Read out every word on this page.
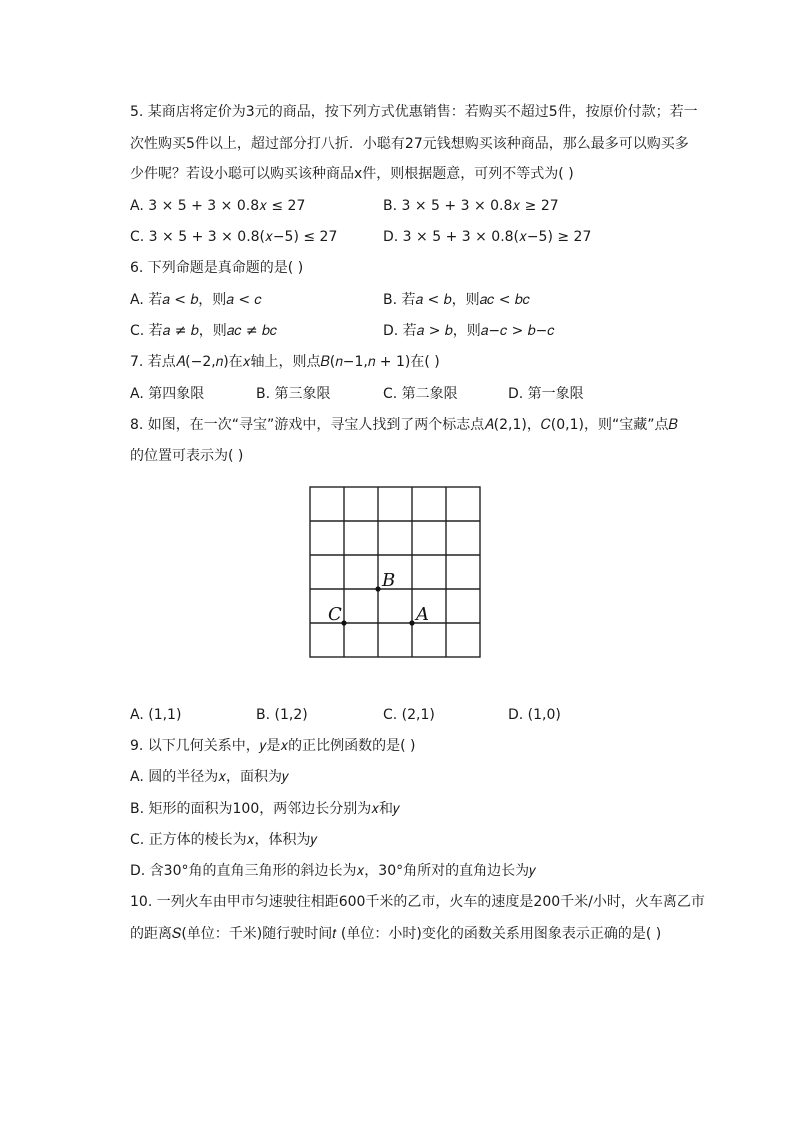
5. 某商店将定价为3元的商品，按下列方式优惠销售：若购买不超过5件，按原价付款；若一
次性购买5件以上，超过部分打八折．小聪有27元钱想购买该种商品，那么最多可以购买多
少件呢？若设小聪可以购买该种商品x件，则根据题意，可列不等式为( )
A. 3 × 5 + 3 × 0.8𝑥 ≤ 27	B. 3 × 5 + 3 × 0.8𝑥 ≥ 27
C. 3 × 5 + 3 × 0.8(𝑥−5) ≤ 27	D. 3 × 5 + 3 × 0.8(𝑥−5) ≥ 27
6. 下列命题是真命题的是( )
A. 若𝑎 < 𝑏，则𝑎 < 𝑐	B. 若𝑎 < 𝑏，则𝑎𝑐 < 𝑏𝑐
C. 若𝑎 ≠ 𝑏，则𝑎𝑐 ≠ 𝑏𝑐	D. 若𝑎 > 𝑏，则𝑎−𝑐 > 𝑏−𝑐
7. 若点𝐴(−2,𝑛)在𝑥轴上，则点𝐵(𝑛−1,𝑛 + 1)在( )
A. 第四象限	B. 第三象限	C. 第二象限	D. 第一象限
8. 如图，在一次“寻宝”游戏中，寻宝人找到了两个标志点𝐴(2,1)，𝐶(0,1)，则“宝藏”点𝐵
的位置可表示为( )
B
C	A
A. (1,1)	B. (1,2)	C. (2,1)	D. (1,0)
9. 以下几何关系中，𝑦是𝑥的正比例函数的是( )
A. 圆的半径为𝑥，面积为𝑦
B. 矩形的面积为100，两邻边长分别为𝑥和𝑦
C. 正方体的棱长为𝑥，体积为𝑦
D. 含30°角的直角三角形的斜边长为𝑥，30°角所对的直角边长为𝑦
10. 一列火车由甲市匀速驶往相距600千米的乙市，火车的速度是200千米/小时，火车离乙市
的距离𝑆(单位：千米)随行驶时间𝑡 (单位：小时)变化的函数关系用图象表示正确的是( )
